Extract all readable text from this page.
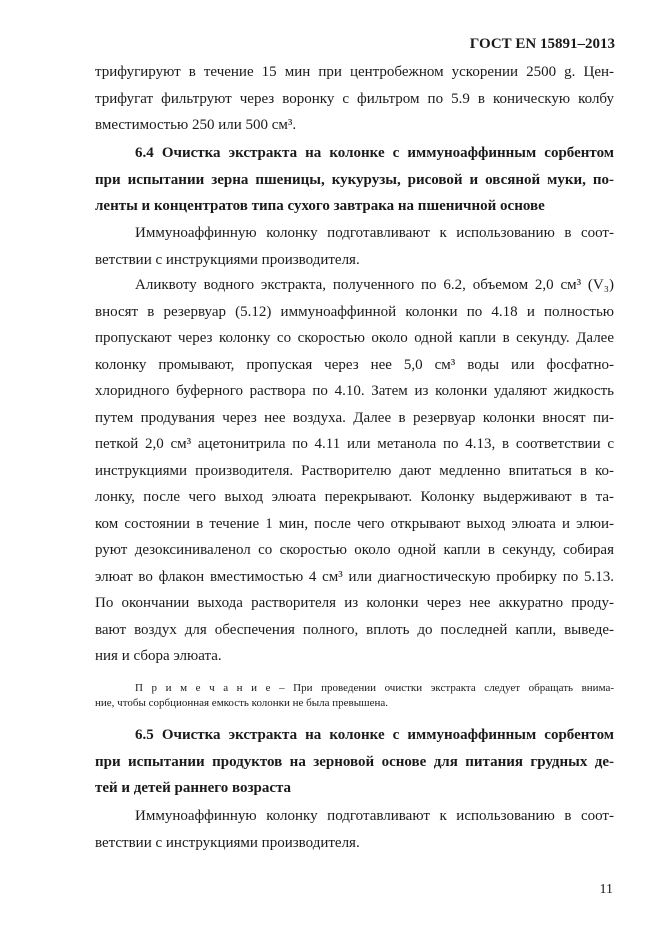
ГОСТ EN 15891–2013
трифугируют в течение 15 мин при центробежном ускорении 2500 g. Цен-
трифугат фильтруют через воронку с фильтром по 5.9 в коническую колбу
вместимостью 250 или 500 см³.
6.4 Очистка экстракта на колонке с иммуноаффинным сорбентом
при испытании зерна пшеницы, кукурузы, рисовой и овсяной муки, по-
ленты и концентратов типа сухого завтрака на пшеничной основе
Иммуноаффинную колонку подготавливают к использованию в соот-
ветствии с инструкциями производителя.
Аликвоту водного экстракта, полученного по 6.2, объемом 2,0 см³ (V₃)
вносят в резервуар (5.12) иммуноаффинной колонки по 4.18 и полностью
пропускают через колонку со скоростью около одной капли в секунду. Далее
колонку промывают, пропуская через нее 5,0 см³ воды или фосфатно-
хлоридного буферного раствора по 4.10. Затем из колонки удаляют жидкость
путем продувания через нее воздуха. Далее в резервуар колонки вносят пи-
петкой 2,0 см³ ацетонитрила по 4.11 или метанола по 4.13, в соответствии с
инструкциями производителя. Растворителю дают медленно впитаться в ко-
лонку, после чего выход элюата перекрывают. Колонку выдерживают в та-
ком состоянии в течение 1 мин, после чего открывают выход элюата и элюи-
руют дезоксиниваленол со скоростью около одной капли в секунду, собирая
элюат во флакон вместимостью 4 см³ или диагностическую пробирку по 5.13.
По окончании выхода растворителя из колонки через нее аккуратно проду-
вают воздух для обеспечения полного, вплоть до последней капли, выведе-
ния и сбора элюата.
П р и м е ч а н и е – При проведении очистки экстракта следует обращать внима-
ние, чтобы сорбционная емкость колонки не была превышена.
6.5 Очистка экстракта на колонке с иммуноаффинным сорбентом
при испытании продуктов на зерновой основе для питания грудных де-
тей и детей раннего возраста
Иммуноаффинную колонку подготавливают к использованию в соот-
ветствии с инструкциями производителя.
11
